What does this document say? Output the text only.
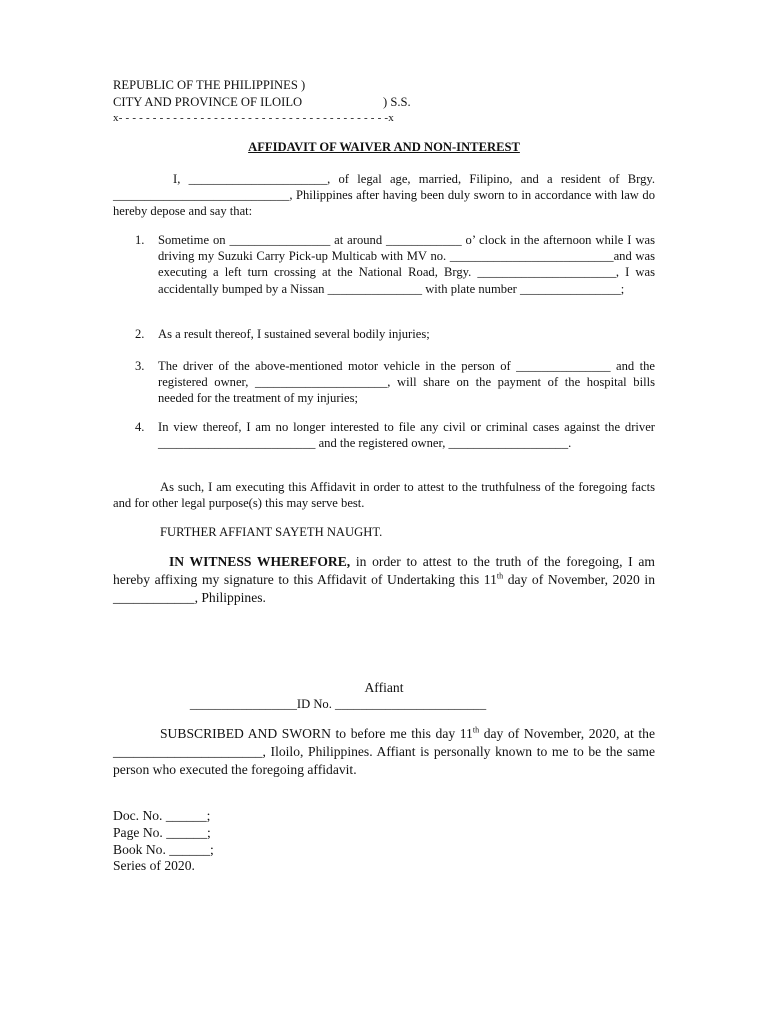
REPUBLIC OF THE PHILIPPINES )
CITY AND PROVINCE OF ILOILO	) S.S.
x- - - - - - - - - - - - - - - - - - - - - - - - - - - - - - - - - - - - - - - -x
AFFIDAVIT OF WAIVER AND NON-INTEREST
I, ______________________, of legal age, married, Filipino, and a resident of Brgy. ____________________________, Philippines after having been duly sworn to in accordance with law do hereby depose and say that:
1. Sometime on ________________ at around ____________ o’ clock in the afternoon while I was driving my Suzuki Carry Pick-up Multicab with MV no. __________________________and was executing a left turn crossing at the National Road, Brgy. ______________________, I was accidentally bumped by a Nissan _______________ with plate number ________________;
2. As a result thereof, I sustained several bodily injuries;
3. The driver of the above-mentioned motor vehicle in the person of _______________ and the registered owner, _____________________, will share on the payment of the hospital bills needed for the treatment of my injuries;
4. In view thereof, I am no longer interested to file any civil or criminal cases against the driver _________________________ and the registered owner, ___________________.
As such, I am executing this Affidavit in order to attest to the truthfulness of the foregoing facts and for other legal purpose(s) this may serve best.
FURTHER AFFIANT SAYETH NAUGHT.
IN WITNESS WHEREFORE, in order to attest to the truth of the foregoing, I am hereby affixing my signature to this Affidavit of Undertaking this 11th day of November, 2020 in ____________, Philippines.
Affiant
_________________ID No. ________________________
SUBSCRIBED AND SWORN to before me this day 11th day of November, 2020, at the ______________________, Iloilo, Philippines. Affiant is personally known to me to be the same person who executed the foregoing affidavit.
Doc. No. ______;
Page No. ______;
Book No. ______;
Series of 2020.
